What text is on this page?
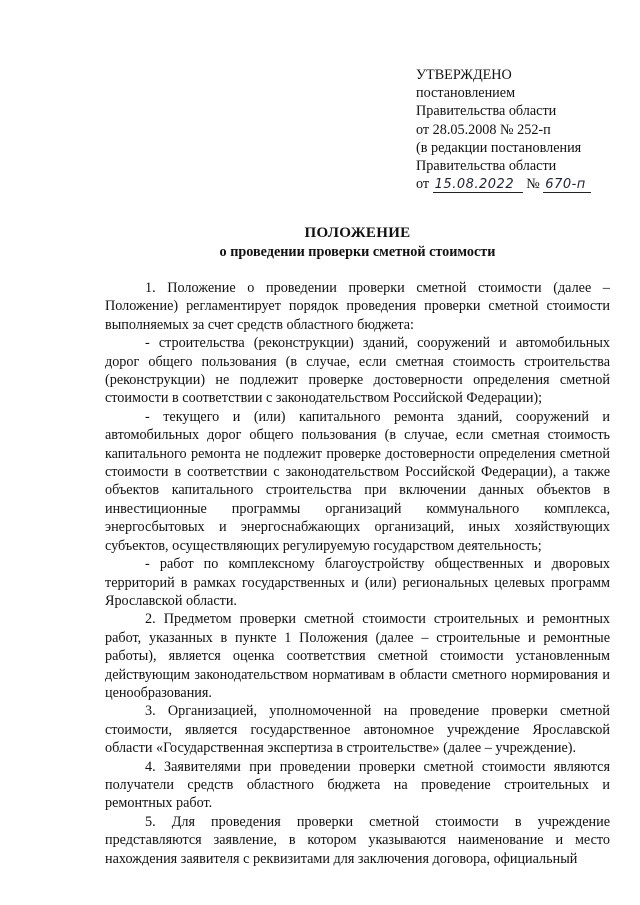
УТВЕРЖДЕНО
постановлением
Правительства области
от 28.05.2008 № 252-п
(в редакции постановления
Правительства области
от 15.08.2022 № 670-п
ПОЛОЖЕНИЕ
о проведении проверки сметной стоимости

1. Положение о проведении проверки сметной стоимости (далее – Положение) регламентирует порядок проведения проверки сметной стоимости выполняемых за счет средств областного бюджета:

- строительства (реконструкции) зданий, сооружений и автомобильных дорог общего пользования (в случае, если сметная стоимость строительства (реконструкции) не подлежит проверке достоверности определения сметной стоимости в соответствии с законодательством Российской Федерации);

- текущего и (или) капитального ремонта зданий, сооружений и автомобильных дорог общего пользования (в случае, если сметная стоимость капитального ремонта не подлежит проверке достоверности определения сметной стоимости в соответствии с законодательством Российской Федерации), а также объектов капитального строительства при включении данных объектов в инвестиционные программы организаций коммунального комплекса, энергосбытовых и энергоснабжающих организаций, иных хозяйствующих субъектов, осуществляющих регулируемую государством деятельность;

- работ по комплексному благоустройству общественных и дворовых территорий в рамках государственных и (или) региональных целевых программ Ярославской области.

2. Предметом проверки сметной стоимости строительных и ремонтных работ, указанных в пункте 1 Положения (далее – строительные и ремонтные работы), является оценка соответствия сметной стоимости установленным действующим законодательством нормативам в области сметного нормирования и ценообразования.

3. Организацией, уполномоченной на проведение проверки сметной стоимости, является государственное автономное учреждение Ярославской области «Государственная экспертиза в строительстве» (далее – учреждение).

4. Заявителями при проведении проверки сметной стоимости являются получатели средств областного бюджета на проведение строительных и ремонтных работ.

5. Для проведения проверки сметной стоимости в учреждение представляются заявление, в котором указываются наименование и место нахождения заявителя с реквизитами для заключения договора, официальный
